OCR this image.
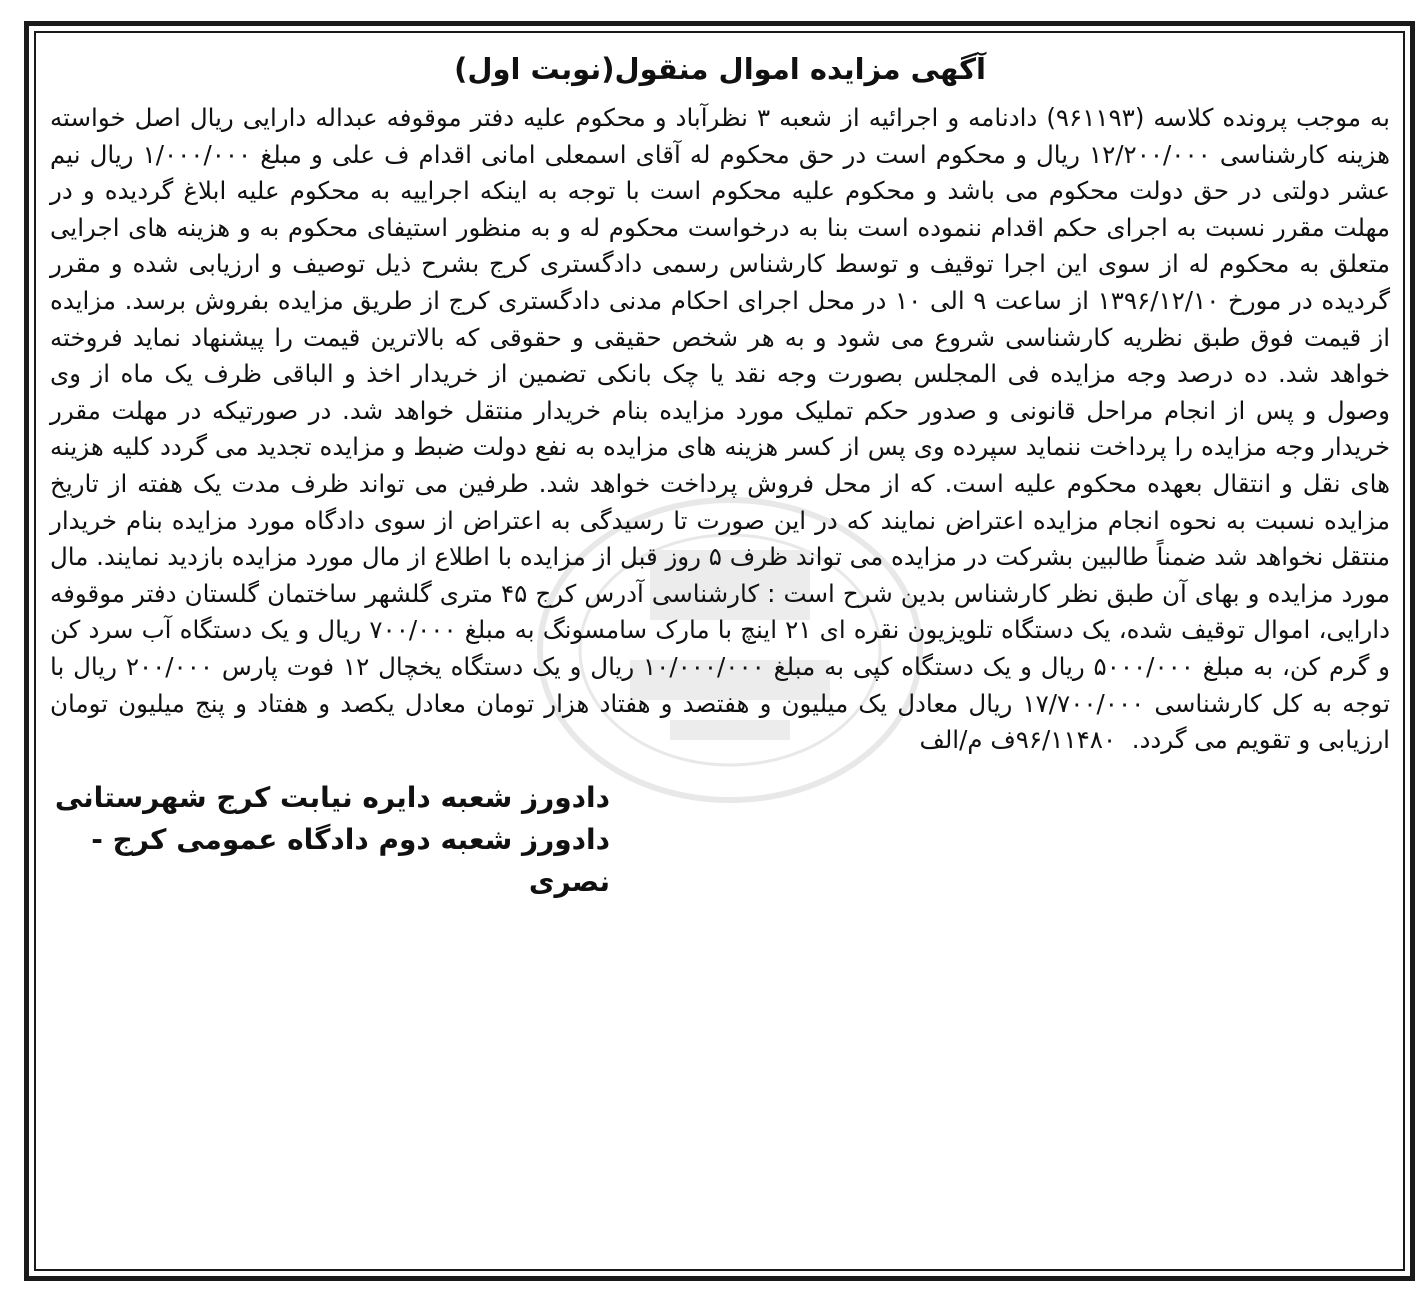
آگهی مزایده اموال منقول(نوبت اول)

به موجب پرونده کلاسه (۹۶۱۱۹۳) دادنامه و اجرائیه از شعبه ۳ نظرآباد و محکوم علیه دفتر موقوفه عبداله دارایی ریال اصل خواسته هزینه کارشناسی ۱۲/۲۰۰/۰۰۰ ریال و محکوم است در حق محکوم له آقای اسمعلی امانی اقدام ف علی و مبلغ ۱/۰۰۰/۰۰۰ ریال نیم عشر دولتی در حق دولت محکوم می باشد و محکوم علیه محکوم است با توجه به اینکه اجراییه به محکوم علیه ابلاغ گردیده و در مهلت مقرر نسبت به اجرای حکم اقدام ننموده است بنا به درخواست محکوم له و به منظور استیفای محکوم به و هزینه های اجرایی متعلق به محکوم له از سوی این اجرا توقیف و توسط کارشناس رسمی دادگستری کرج بشرح ذیل توصیف و ارزیابی شده و مقرر گردیده در مورخ ۱۳۹۶/۱۲/۱۰ از ساعت ۹ الی ۱۰ در محل اجرای احکام مدنی دادگستری کرج از طریق مزایده بفروش برسد. مزایده از قیمت فوق طبق نظریه کارشناسی شروع می شود و به هر شخص حقیقی و حقوقی که بالاترین قیمت را پیشنهاد نماید فروخته خواهد شد. ده درصد وجه مزایده فی المجلس بصورت وجه نقد یا چک بانکی تضمین از خریدار اخذ و الباقی ظرف یک ماه از وی وصول و پس از انجام مراحل قانونی و صدور حکم تملیک مورد مزایده بنام خریدار منتقل خواهد شد. در صورتیکه در مهلت مقرر خریدار وجه مزایده را پرداخت ننماید سپرده وی پس از کسر هزینه های مزایده به نفع دولت ضبط و مزایده تجدید می گردد کلیه هزینه های نقل و انتقال بعهده محکوم علیه است. که از محل فروش پرداخت خواهد شد. طرفین می تواند ظرف مدت یک هفته از تاریخ مزایده نسبت به نحوه انجام مزایده اعتراض نمایند که در این صورت تا رسیدگی به اعتراض از سوی دادگاه مورد مزایده بنام خریدار منتقل نخواهد شد ضمناً طالبین بشرکت در مزایده می تواند ظرف ۵ روز قبل از مزایده با اطلاع از مال مورد مزایده بازدید نمایند. مال مورد مزایده و بهای آن طبق نظر کارشناس بدین شرح است : کارشناسی آدرس کرج ۴۵ متری گلشهر ساختمان گلستان دفتر موقوفه دارایی، اموال توقیف شده، یک دستگاه تلویزیون نقره ای ۲۱ اینچ با مارک سامسونگ به مبلغ ۷۰۰/۰۰۰ ریال و یک دستگاه آب سرد کن و گرم کن، به مبلغ ۵۰۰۰/۰۰۰ ریال و یک دستگاه کپی به مبلغ ۱۰/۰۰۰/۰۰۰ ریال و یک دستگاه یخچال ۱۲ فوت پارس ۲۰۰/۰۰۰ ریال با توجه به کل کارشناسی ۱۷/۷۰۰/۰۰۰ ریال معادل یک میلیون و هفتصد و هفتاد هزار تومان معادل یکصد و هفتاد و پنج میلیون تومان ارزیابی و تقویم می گردد.  ۹۶/۱۱۴۸۰ف م/الف

دادورز شعبه دایره نیابت کرج شهرستانی

دادورز شعبه دوم دادگاه عمومی کرج - نصری
